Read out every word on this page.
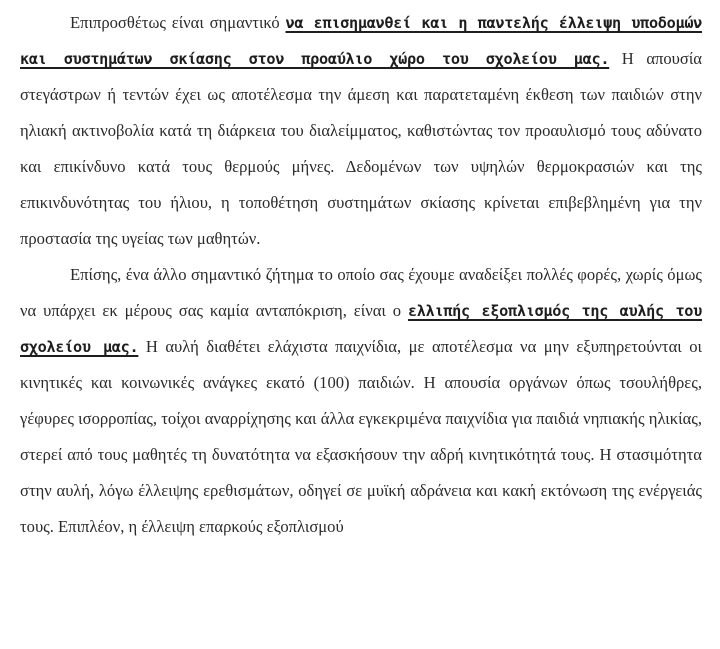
Επιπροσθέτως είναι σημαντικό να επισημανθεί και η παντελής έλλειψη υποδομών και συστημάτων σκίασης στον προαύλιο χώρο του σχολείου μας. Η απουσία στεγάστρων ή τεντών έχει ως αποτέλεσμα την άμεση και παρατεταμένη έκθεση των παιδιών στην ηλιακή ακτινοβολία κατά τη διάρκεια του διαλείμματος, καθιστώντας τον προαυλισμό τους αδύνατο και επικίνδυνο κατά τους θερμούς μήνες. Δεδομένων των υψηλών θερμοκρασιών και της επικινδυνότητας του ήλιου, η τοποθέτηση συστημάτων σκίασης κρίνεται επιβεβλημένη για την προστασία της υγείας των μαθητών.

Επίσης, ένα άλλο σημαντικό ζήτημα το οποίο σας έχουμε αναδείξει πολλές φορές, χωρίς όμως να υπάρχει εκ μέρους σας καμία ανταπόκριση, είναι ο ελλιπής εξοπλισμός της αυλής του σχολείου μας. Η αυλή διαθέτει ελάχιστα παιχνίδια, με αποτέλεσμα να μην εξυπηρετούνται οι κινητικές και κοινωνικές ανάγκες εκατό (100) παιδιών. Η απουσία οργάνων όπως τσουλήθρες, γέφυρες ισορροπίας, τοίχοι αναρρίχησης και άλλα εγκεκριμένα παιχνίδια για παιδιά νηπιακής ηλικίας, στερεί από τους μαθητές τη δυνατότητα να εξασκήσουν την αδρή κινητικότητά τους. Η στασιμότητα στην αυλή, λόγω έλλειψης ερεθισμάτων, οδηγεί σε μυϊκή αδράνεια και κακή εκτόνωση της ενέργειάς τους. Επιπλέον, η έλλειψη επαρκούς εξοπλισμού
